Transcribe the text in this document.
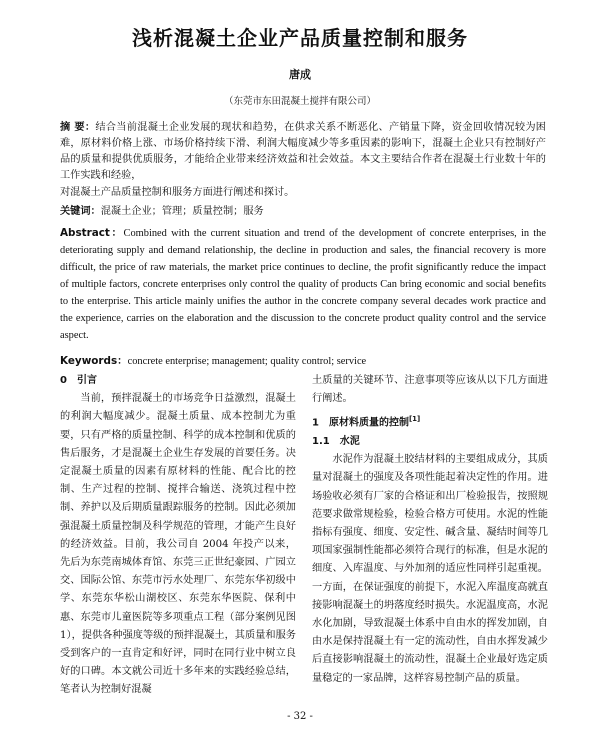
浅析混凝土企业产品质量控制和服务
唐成
（东莞市东田混凝土搅拌有限公司）
摘 要：结合当前混凝土企业发展的现状和趋势，在供求关系不断恶化、产销量下降，资金回收情况较为困难，原材料价格上涨、市场价格持续下滑、利润大幅度减少等多重因素的影响下，混凝土企业只有控制好产品的质量和提供优质服务，才能给企业带来经济效益和社会效益。本文主要结合作者在混凝土行业数十年的工作实践和经验，
对混凝土产品质量控制和服务方面进行阐述和探讨。
关键词：混凝土企业；管理；质量控制；服务
Abstract：Combined with the current situation and trend of the development of concrete enterprises, in the deteriorating supply and demand relationship, the decline in production and sales, the financial recovery is more difficult, the price of raw materials, the market price continues to decline, the profit significantly reduce the impact of multiple factors, concrete enterprises only control the quality of products Can bring economic and social benefits to the enterprise. This article mainly unifies the author in the concrete company several decades work practice and the experience, carries on the elaboration and the discussion to the concrete product quality control and the service aspect.
Keywords：concrete enterprise; management; quality control; service

0　引言

当前，预拌混凝土的市场竞争日益激烈，混凝土的利润大幅度减少。混凝土质量、成本控制尤为重要，只有严格的质量控制、科学的成本控制和优质的售后服务，才是混凝土企业生存发展的首要任务。决定混凝土质量的因素有原材料的性能、配合比的控制、生产过程的控制、搅拌合输送、浇筑过程中控制、养护以及后期质量跟踪服务的控制。因此必须加强混凝土质量控制及科学规范的管理，才能产生良好的经济效益。目前，我公司自 2004 年投产以来，先后为东莞南城体育馆、东莞三正世纪豪园、广园立交、国际公馆、东莞市污水处理厂、东莞东华初级中学、东莞东华松山湖校区、东莞东华医院、保利中惠、东莞市儿童医院等多项重点工程（部分案例见图 1），提供各种强度等级的预拌混凝土，其质量和服务受到客户的一直肯定和好评，同时在同行业中树立良好的口碑。本文就公司近十多年来的实践经验总结，笔者认为控制好混凝

土质量的关键环节、注意事项等应该从以下几方面进行阐述。

1　原材料质量的控制[1]

1.1　水泥

水泥作为混凝土胶结材料的主要组成成分，其质量对混凝土的强度及各项性能起着决定性的作用。进场验收必须有厂家的合格证和出厂检验报告，按照规范要求做常规检验，检验合格方可使用。水泥的性能指标有强度、细度、安定性、碱含量、凝结时间等几项国家强制性能都必须符合现行的标准，但是水泥的细度、入库温度、与外加剂的适应性同样引起重视。一方面，在保证强度的前提下，水泥入库温度高就直接影响混凝土的坍落度经时损失。水泥温度高，水泥水化加剧，导致混凝土体系中自由水的挥发加剧，自由水是保持混凝土有一定的流动性，自由水挥发减少后直接影响混凝土的流动性，混凝土企业最好选定质量稳定的一家品牌，这样容易控制产品的质量。

- 32 -
